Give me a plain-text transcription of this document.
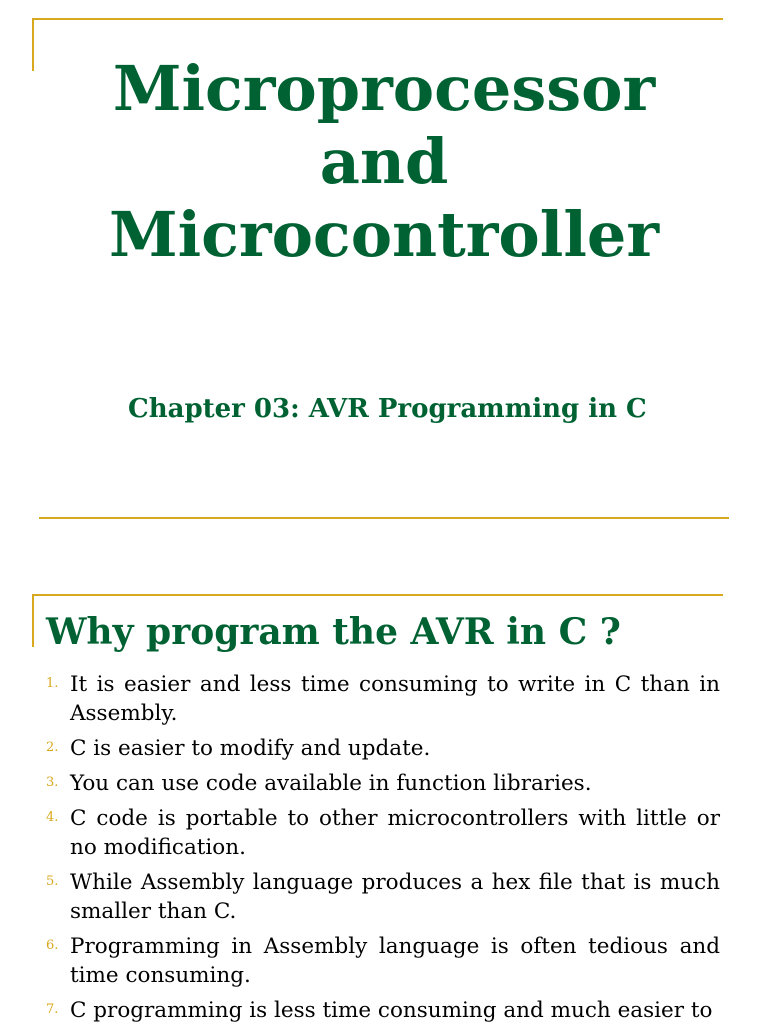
Microprocessor
and
Microcontroller
Chapter 03: AVR Programming in C
Why program the AVR in C ?
1. It is easier and less time consuming to write in C than in Assembly.
2. C is easier to modify and update.
3. You can use code available in function libraries.
4. C code is portable to other microcontrollers with little or no modification.
5. While Assembly language produces a hex file that is much smaller than C.
6. Programming in Assembly language is often tedious and time consuming.
7. C programming is less time consuming and much easier to
